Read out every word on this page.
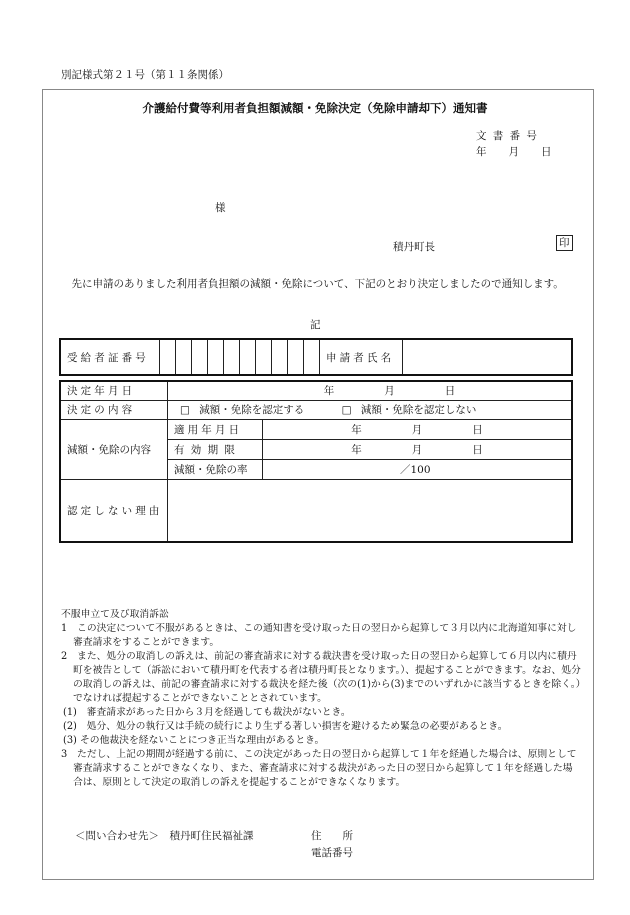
別記様式第２１号（第１１条関係）
介護給付費等利用者負担額減額・免除決定（免除申請却下）通知書
文書番号
年 月 日
様
積丹町長	印
先に申請のありました利用者負担額の減額・免除について、下記のとおり決定しましたので通知します。
記
受給者証番号											申請者氏名	
決定年月日	年 月 日	
決定の内容	□ 減額・免除を認定する □ 減額・免除を認定しない	
減額・免除の内容	適用年月日	年 月 日
	有効期限	年 月 日
	減額・免除の率	／100
認定しない理由		

不服申立て及び取消訴訟

1　この決定について不服があるときは、この通知書を受け取った日の翌日から起算して３月以内に北海道知事に対し審査請求をすることができます。

2　また、処分の取消しの訴えは、前記の審査請求に対する裁決書を受け取った日の翌日から起算して６月以内に積丹町を被告として（訴訟において積丹町を代表する者は積丹町長となります。）、提起することができます。なお、処分の取消しの訴えは、前記の審査請求に対する裁決を経た後（次の(1)から(3)までのいずれかに該当するときを除く。）でなければ提起することができないこととされています。

(1)　審査請求があった日から３月を経過しても裁決がないとき。

(2)　処分、処分の執行又は手続の続行により生ずる著しい損害を避けるため緊急の必要があるとき。

(3) その他裁決を経ないことにつき正当な理由があるとき。

3　ただし、上記の期間が経過する前に、この決定があった日の翌日から起算して１年を経過した場合は、原則として審査請求することができなくなり、また、審査請求に対する裁決があった日の翌日から起算して１年を経過した場合は、原則として決定の取消しの訴えを提起することができなくなります。

＜問い合わせ先＞　積丹町住民福祉課	住　　所
電話番号
